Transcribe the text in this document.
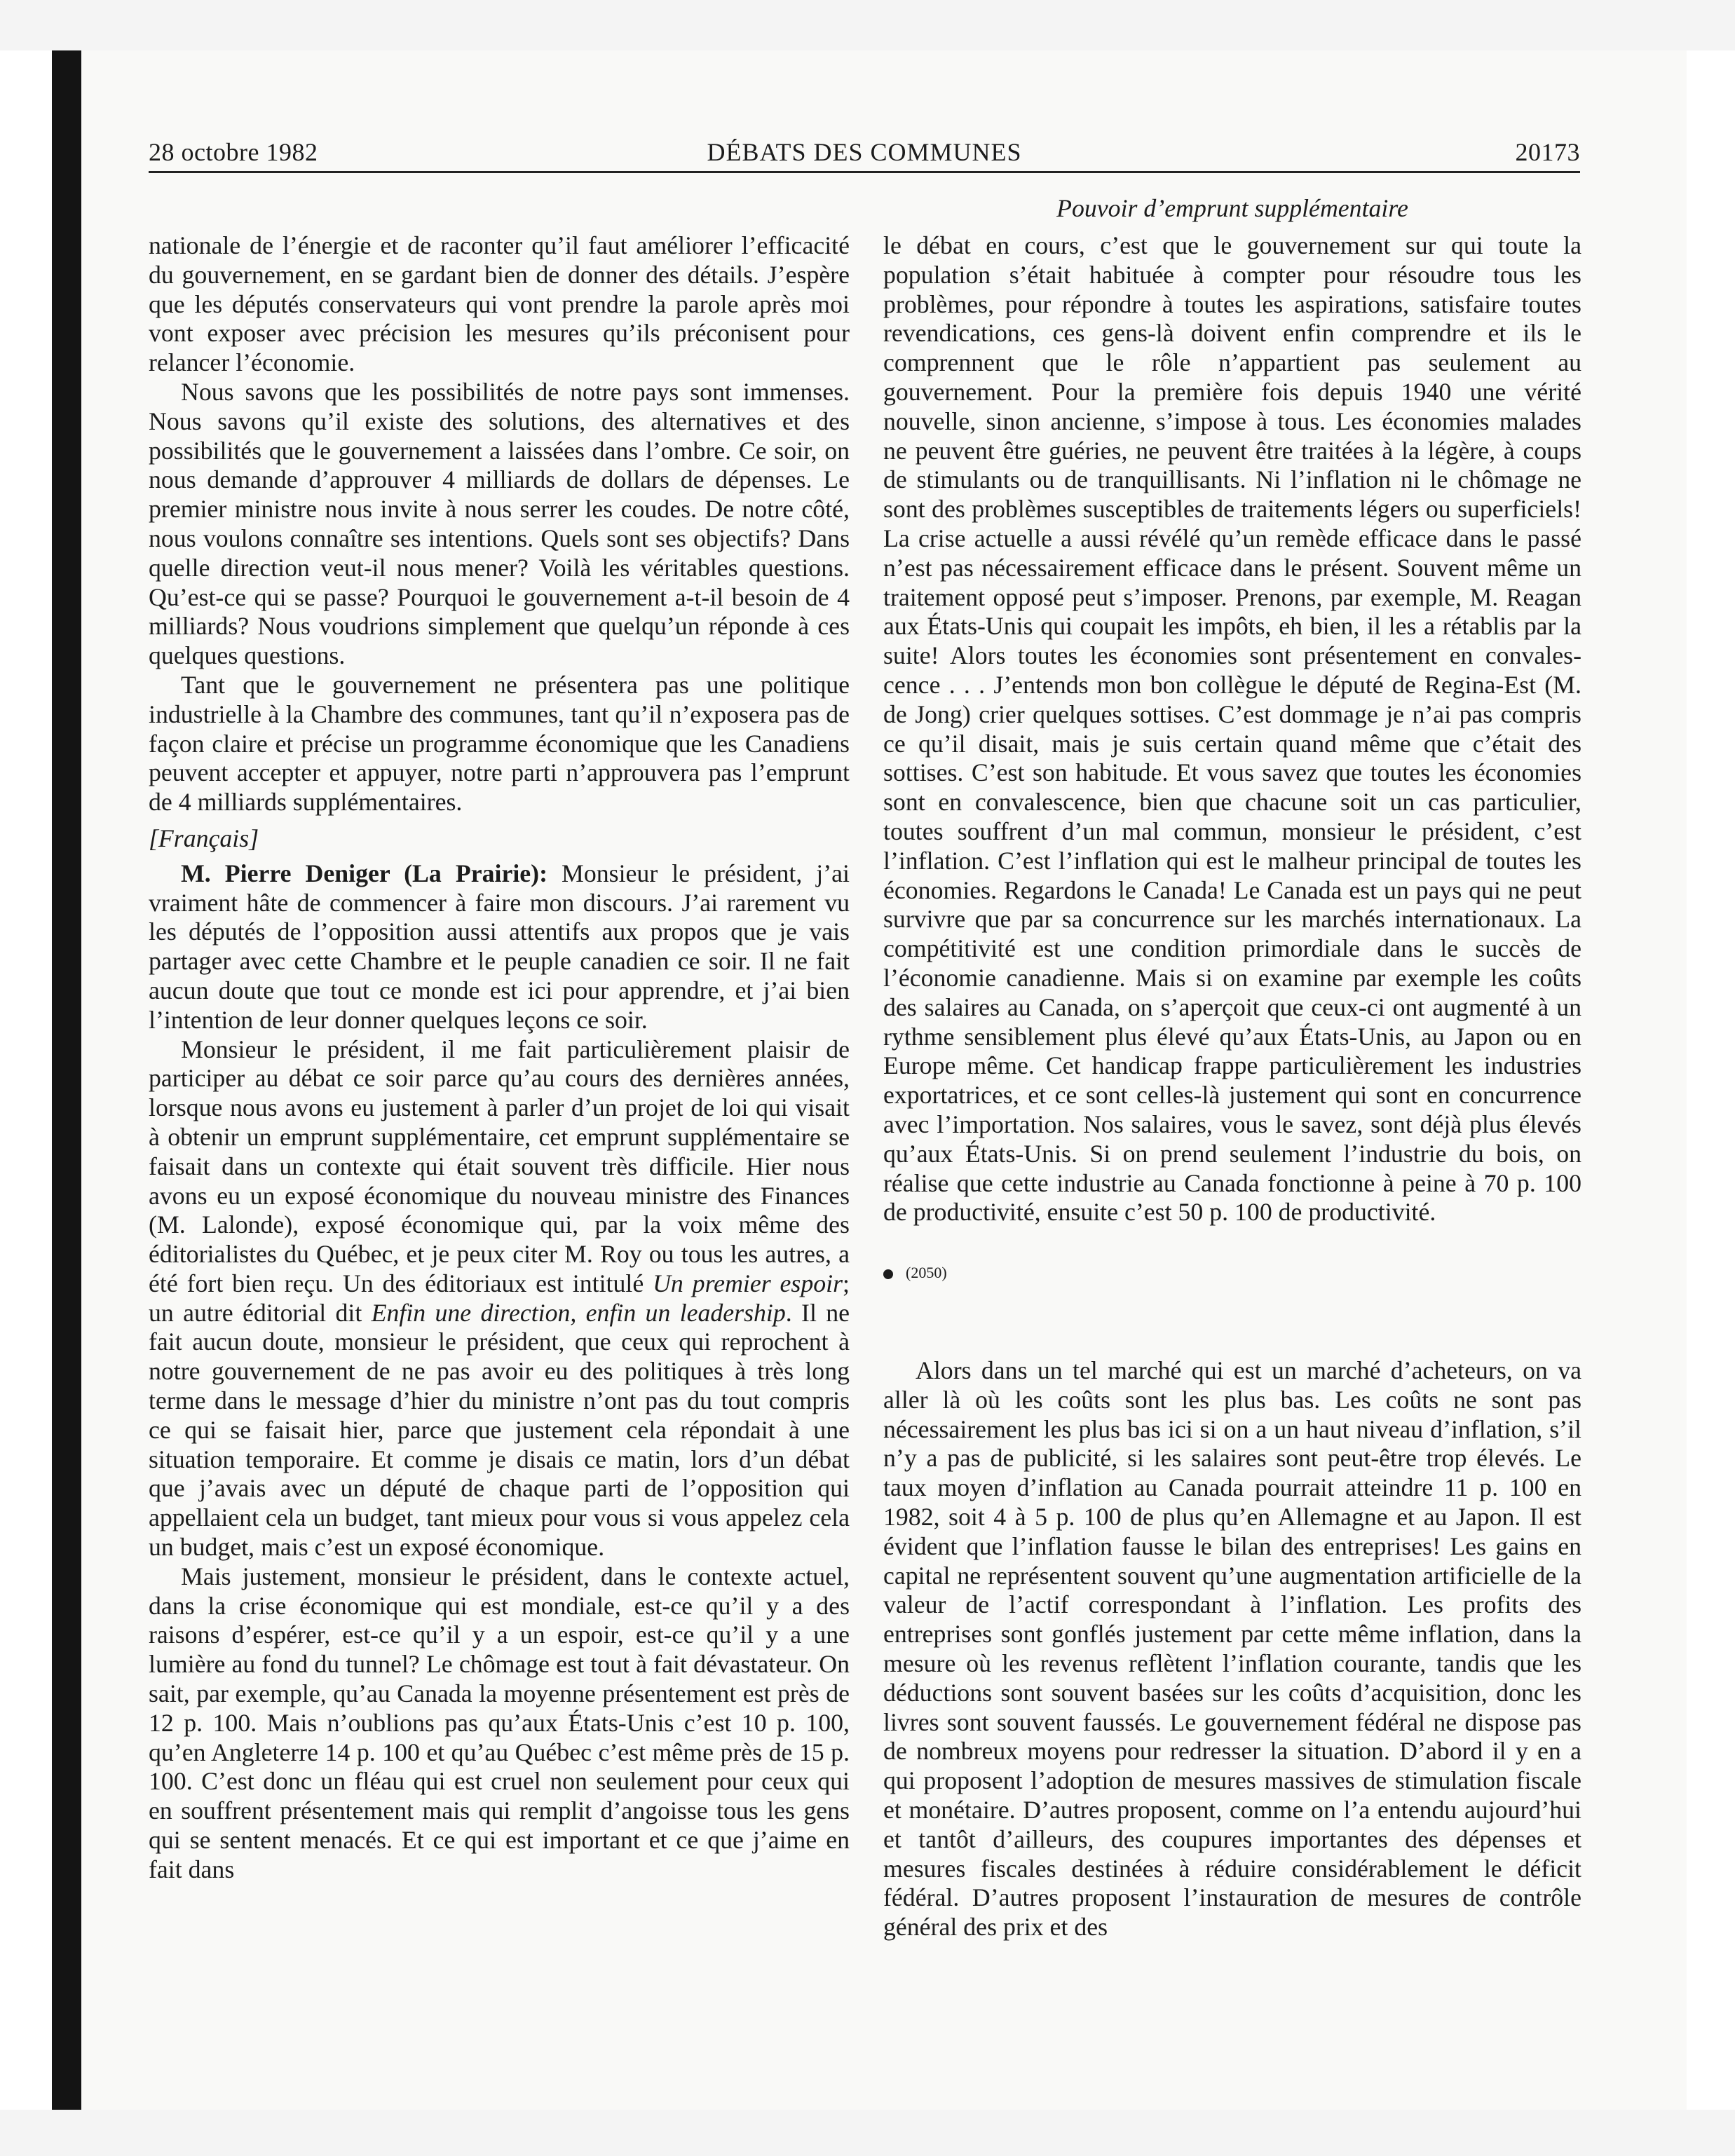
28 octobre 1982	DÉBATS DES COMMUNES	20173
Pouvoir d’emprunt supplémentaire

nationale de l’énergie et de raconter qu’il faut améliorer l’efficacité du gouvernement, en se gardant bien de donner des détails. J’espère que les députés conservateurs qui vont prendre la parole après moi vont exposer avec précision les mesures qu’ils préconisent pour relancer l’économie.

Nous savons que les possibilités de notre pays sont immenses. Nous savons qu’il existe des solutions, des alternatives et des possibilités que le gouvernement a laissées dans l’ombre. Ce soir, on nous demande d’approuver 4 milliards de dollars de dépenses. Le premier ministre nous invite à nous serrer les coudes. De notre côté, nous voulons connaître ses intentions. Quels sont ses objectifs? Dans quelle direction veut-il nous mener? Voilà les véritables questions. Qu’est-ce qui se passe? Pourquoi le gouvernement a-t-il besoin de 4 milliards? Nous voudrions simplement que quelqu’un réponde à ces quelques questions.

Tant que le gouvernement ne présentera pas une politique industrielle à la Chambre des communes, tant qu’il n’exposera pas de façon claire et précise un programme économique que les Canadiens peuvent accepter et appuyer, notre parti n’approuvera pas l’emprunt de 4 milliards supplémentaires.

[Français]

M. Pierre Deniger (La Prairie): Monsieur le président, j’ai vraiment hâte de commencer à faire mon discours. J’ai rarement vu les députés de l’opposition aussi attentifs aux propos que je vais partager avec cette Chambre et le peuple canadien ce soir. Il ne fait aucun doute que tout ce monde est ici pour apprendre, et j’ai bien l’intention de leur donner quelques leçons ce soir.

Monsieur le président, il me fait particulièrement plaisir de participer au débat ce soir parce qu’au cours des dernières années, lorsque nous avons eu justement à parler d’un projet de loi qui visait à obtenir un emprunt supplémentaire, cet emprunt supplémentaire se faisait dans un contexte qui était souvent très difficile. Hier nous avons eu un exposé économique du nouveau ministre des Finances (M. Lalonde), exposé économique qui, par la voix même des éditorialistes du Québec, et je peux citer M. Roy ou tous les autres, a été fort bien reçu. Un des éditoriaux est intitulé Un premier espoir; un autre éditorial dit Enfin une direction, enfin un leadership. Il ne fait aucun doute, monsieur le président, que ceux qui reprochent à notre gouvernement de ne pas avoir eu des politiques à très long terme dans le message d’hier du ministre n’ont pas du tout compris ce qui se faisait hier, parce que justement cela répondait à une situation temporaire. Et comme je disais ce matin, lors d’un débat que j’avais avec un député de chaque parti de l’opposition qui appellaient cela un budget, tant mieux pour vous si vous appelez cela un budget, mais c’est un exposé économique.

Mais justement, monsieur le président, dans le contexte actuel, dans la crise économique qui est mondiale, est-ce qu’il y a des raisons d’espérer, est-ce qu’il y a un espoir, est-ce qu’il y a une lumière au fond du tunnel? Le chômage est tout à fait dévastateur. On sait, par exemple, qu’au Canada la moyenne présentement est près de 12 p. 100. Mais n’oublions pas qu’aux États-Unis c’est 10 p. 100, qu’en Angleterre 14 p. 100 et qu’au Québec c’est même près de 15 p. 100. C’est donc un fléau qui est cruel non seulement pour ceux qui en souffrent présentement mais qui remplit d’angoisse tous les gens qui se sentent menacés. Et ce qui est important et ce que j’aime en fait dans

le débat en cours, c’est que le gouvernement sur qui toute la population s’était habituée à compter pour résoudre tous les problèmes, pour répondre à toutes les aspirations, satisfaire toutes revendications, ces gens-là doivent enfin comprendre et ils le comprennent que le rôle n’appartient pas seulement au gouvernement. Pour la première fois depuis 1940 une vérité nouvelle, sinon ancienne, s’impose à tous. Les économies malades ne peuvent être guéries, ne peuvent être traitées à la légère, à coups de stimulants ou de tranquillisants. Ni l’inflation ni le chômage ne sont des problèmes susceptibles de traitements légers ou superficiels! La crise actuelle a aussi révélé qu’un remède efficace dans le passé n’est pas nécessairement efficace dans le présent. Souvent même un traitement opposé peut s’imposer. Prenons, par exemple, M. Reagan aux États-Unis qui coupait les impôts, eh bien, il les a rétablis par la suite! Alors toutes les économies sont présentement en convalescence . . . J’entends mon bon collègue le député de Regina-Est (M. de Jong) crier quelques sottises. C’est dommage je n’ai pas compris ce qu’il disait, mais je suis certain quand même que c’était des sottises. C’est son habitude. Et vous savez que toutes les économies sont en convalescence, bien que chacune soit un cas particulier, toutes souffrent d’un mal commun, monsieur le président, c’est l’inflation. C’est l’inflation qui est le malheur principal de toutes les économies. Regardons le Canada! Le Canada est un pays qui ne peut survivre que par sa concurrence sur les marchés internationaux. La compétitivité est une condition primordiale dans le succès de l’économie canadienne. Mais si on examine par exemple les coûts des salaires au Canada, on s’aperçoit que ceux-ci ont augmenté à un rythme sensiblement plus élevé qu’aux États-Unis, au Japon ou en Europe même. Cet handicap frappe particulièrement les industries exportatrices, et ce sont celles-là justement qui sont en concurrence avec l’importation. Nos salaires, vous le savez, sont déjà plus élevés qu’aux États-Unis. Si on prend seulement l’industrie du bois, on réalise que cette industrie au Canada fonctionne à peine à 70 p. 100 de productivité, ensuite c’est 50 p. 100 de productivité.

(2050)

Alors dans un tel marché qui est un marché d’acheteurs, on va aller là où les coûts sont les plus bas. Les coûts ne sont pas nécessairement les plus bas ici si on a un haut niveau d’inflation, s’il n’y a pas de publicité, si les salaires sont peut-être trop élevés. Le taux moyen d’inflation au Canada pourrait atteindre 11 p. 100 en 1982, soit 4 à 5 p. 100 de plus qu’en Allemagne et au Japon. Il est évident que l’inflation fausse le bilan des entreprises! Les gains en capital ne représentent souvent qu’une augmentation artificielle de la valeur de l’actif correspondant à l’inflation. Les profits des entreprises sont gonflés justement par cette même inflation, dans la mesure où les revenus reflètent l’inflation courante, tandis que les déductions sont souvent basées sur les coûts d’acquisition, donc les livres sont souvent faussés. Le gouvernement fédéral ne dispose pas de nombreux moyens pour redresser la situation. D’abord il y en a qui proposent l’adoption de mesures massives de stimulation fiscale et monétaire. D’autres proposent, comme on l’a entendu aujourd’hui et tantôt d’ailleurs, des coupures importantes des dépenses et mesures fiscales destinées à réduire considérablement le déficit fédéral. D’autres proposent l’instauration de mesures de contrôle général des prix et des
